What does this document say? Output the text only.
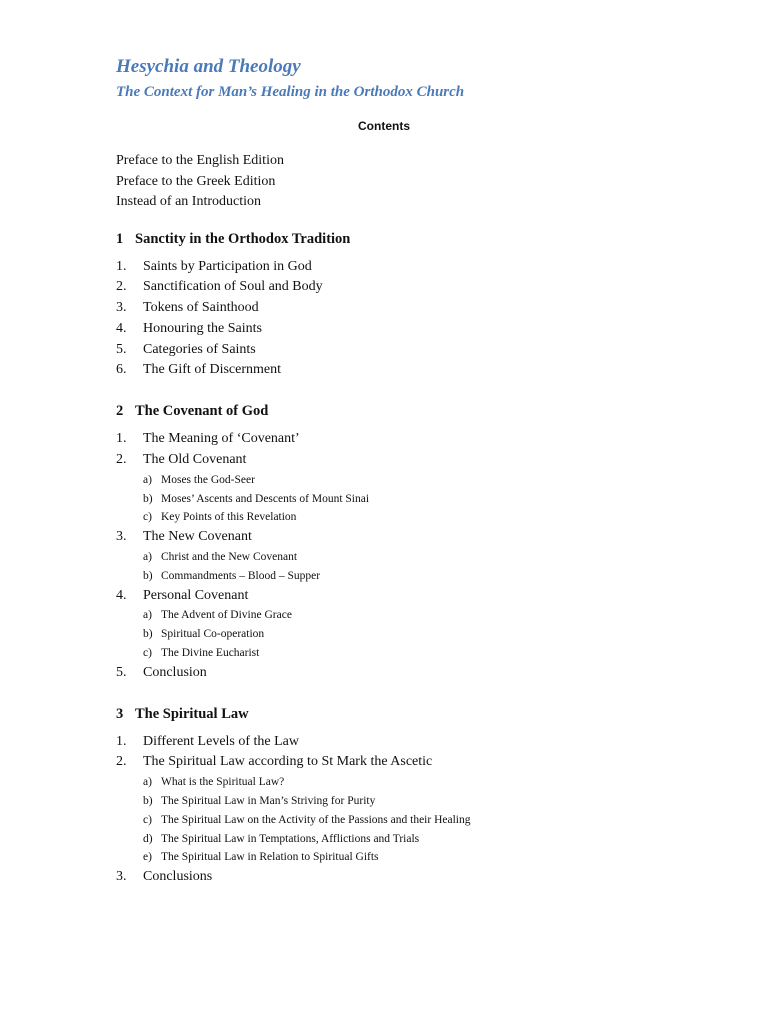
Hesychia and Theology
The Context for Man’s Healing in the Orthodox Church
Contents
Preface to the English Edition
Preface to the Greek Edition
Instead of an Introduction
1 Sanctity in the Orthodox Tradition
1. Saints by Participation in God
2. Sanctification of Soul and Body
3. Tokens of Sainthood
4. Honouring the Saints
5. Categories of Saints
6. The Gift of Discernment
2 The Covenant of God
1. The Meaning of ‘Covenant’
2. The Old Covenant
a) Moses the God-Seer
b) Moses’ Ascents and Descents of Mount Sinai
c) Key Points of this Revelation
3. The New Covenant
a) Christ and the New Covenant
b) Commandments – Blood – Supper
4. Personal Covenant
a) The Advent of Divine Grace
b) Spiritual Co-operation
c) The Divine Eucharist
5. Conclusion
3 The Spiritual Law
1. Different Levels of the Law
2. The Spiritual Law according to St Mark the Ascetic
a) What is the Spiritual Law?
b) The Spiritual Law in Man’s Striving for Purity
c) The Spiritual Law on the Activity of the Passions and their Healing
d) The Spiritual Law in Temptations, Afflictions and Trials
e) The Spiritual Law in Relation to Spiritual Gifts
3. Conclusions
